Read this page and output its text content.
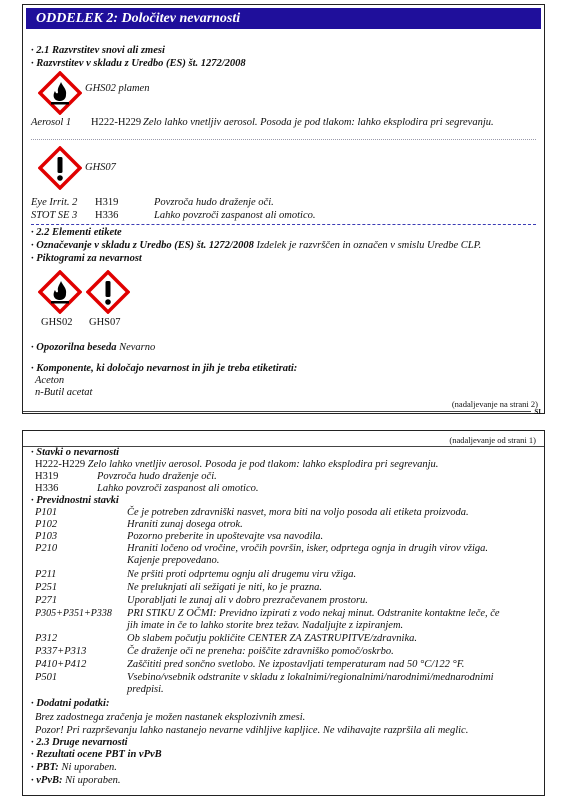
ODDELEK 2: Določitev nevarnosti
· 2.1 Razvrstitev snovi ali zmesi
· Razvrstitev v skladu z Uredbo (ES) št. 1272/2008
GHS02 plamen
Aerosol 1 H222-H229 Zelo lahko vnetljiv aerosol. Posoda je pod tlakom: lahko eksplodira pri segrevanju.
GHS07
Eye Irrit. 2 H319	Povzroča hudo draženje oči.
STOT SE 3 H336	Lahko povzroči zaspanost ali omotico.
· 2.2 Elementi etikete
· Označevanje v skladu z Uredbo (ES) št. 1272/2008 Izdelek je razvrščen in označen v smislu Uredbe CLP.
· Piktogrami za nevarnost
GHS02 GHS07
· Opozorilna beseda Nevarno
· Komponente, ki določajo nevarnost in jih je treba etiketirati:
Aceton
n-Butil acetat
(nadaljevanje na strani 2)
SI
(nadaljevanje od strani 1)
· Stavki o nevarnosti
H222-H229 Zelo lahko vnetljiv aerosol. Posoda je pod tlakom: lahko eksplodira pri segrevanju.
H319	Povzroča hudo draženje oči.
H336	Lahko povzroči zaspanost ali omotico.
· Previdnostni stavki
P101	Če je potreben zdravniški nasvet, mora biti na voljo posoda ali etiketa proizvoda.
P102	Hraniti zunaj dosega otrok.
P103	Pozorno preberite in upoštevajte vsa navodila.
P210	Hraniti ločeno od vročine, vročih površin, isker, odprtega ognja in drugih virov vžiga.
Kajenje prepovedano.
P211	Ne pršiti proti odprtemu ognju ali drugemu viru vžiga.
P251	Ne preluknjati ali sežigati je niti, ko je prazna.
P271	Uporabljati le zunaj ali v dobro prezračevanem prostoru.
P305+P351+P338 PRI STIKU Z OČMI: Previdno izpirati z vodo nekaj minut. Odstranite kontaktne leče, če
jih imate in če to lahko storite brez težav. Nadaljujte z izpiranjem.
P312	Ob slabem počutju pokličite CENTER ZA ZASTRUPITVE/zdravnika.
P337+P313	Če draženje oči ne preneha: poiščite zdravniško pomoč/oskrbo.
P410+P412	Zaščititi pred sončno svetlobo. Ne izpostavljati temperaturam nad 50 °C/122 °F.
P501	Vsebino/vsebnik odstranite v skladu z lokalnimi/regionalnimi/narodnimi/mednarodnimi
predpisi.
· Dodatni podatki:
Brez zadostnega zračenja je možen nastanek eksplozivnih zmesi.
Pozor! Pri razprševanju lahko nastanejo nevarne vdihljive kapljice. Ne vdihavajte razpršila ali meglic.
· 2.3 Druge nevarnosti
· Rezultati ocene PBT in vPvB
· PBT: Ni uporaben.
· vPvB: Ni uporaben.
